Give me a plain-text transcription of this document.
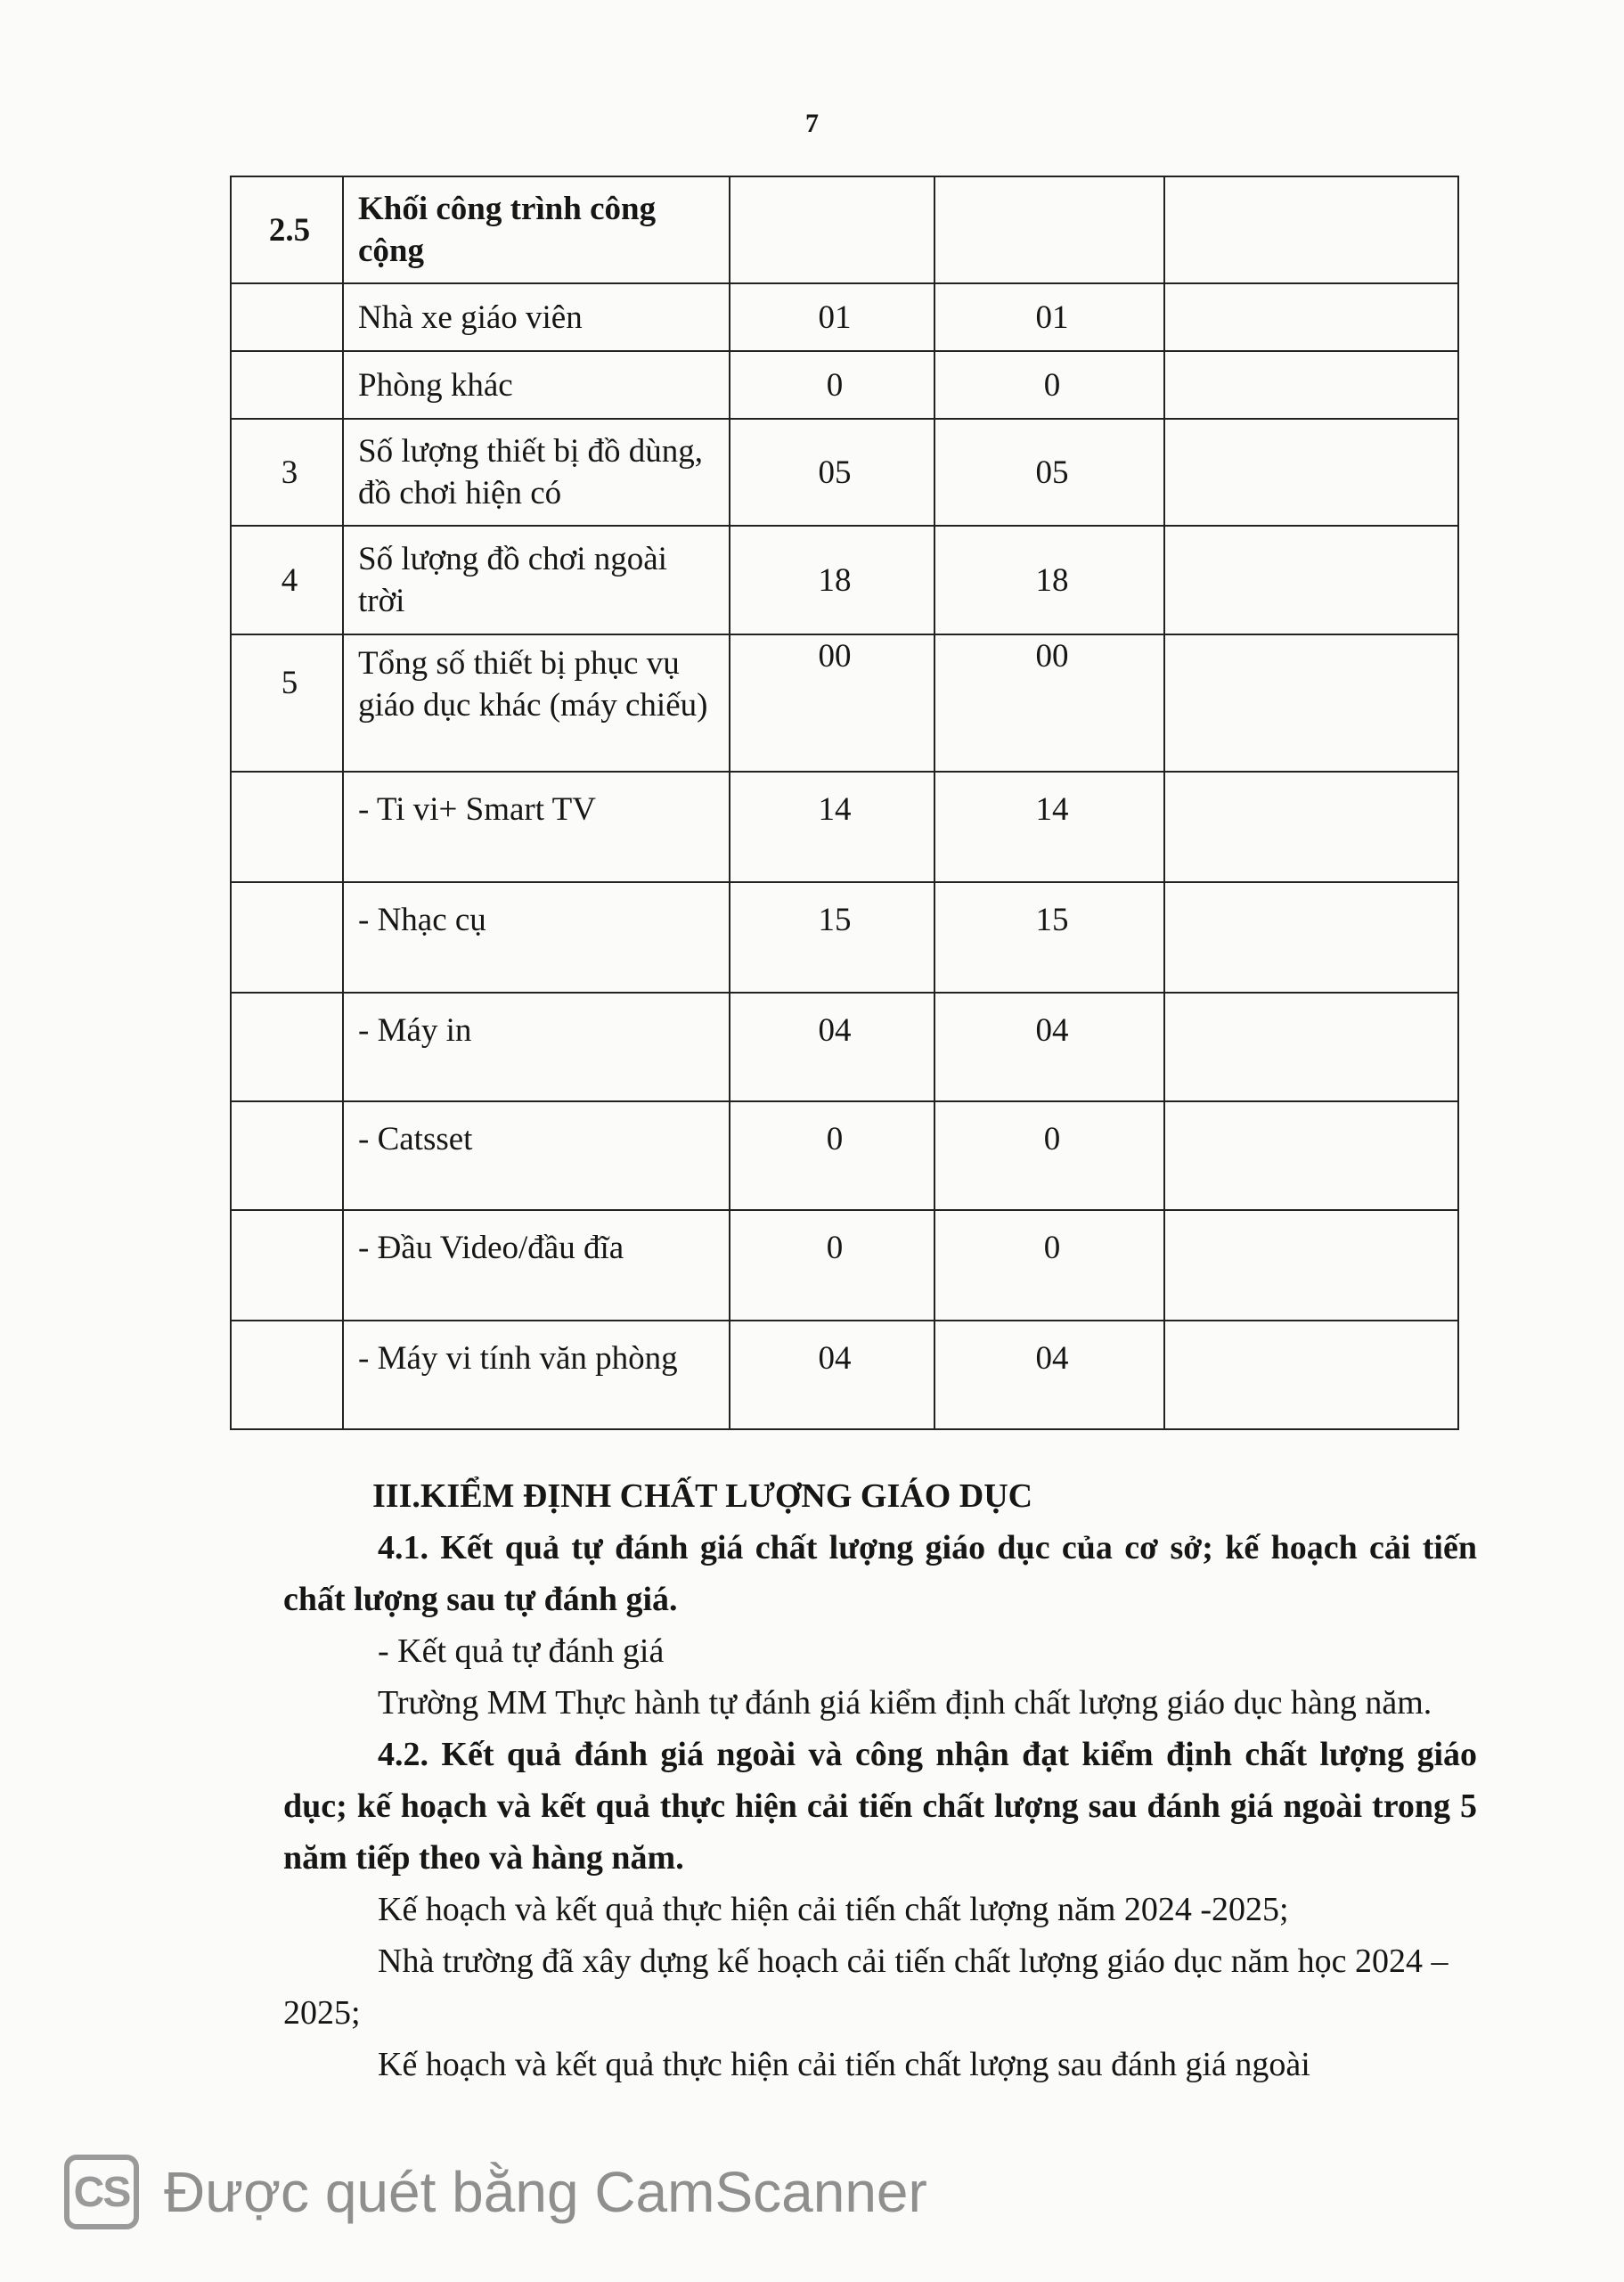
7
2.5	Khối công trình công cộng			
	Nhà xe giáo viên	01	01	
	Phòng khác	0	0	
3	Số lượng thiết bị đồ dùng, đồ chơi hiện có	05	05	
4	Số lượng đồ chơi ngoài trời	18	18	
5	Tổng số thiết bị phục vụ giáo dục khác (máy chiếu)	00	00	
	- Ti vi+ Smart TV	14	14	
	- Nhạc cụ	15	15	
	- Máy in	04	04	
	- Catsset	0	0	
	- Đầu Video/đầu đĩa	0	0	
	- Máy vi tính văn phòng	04	04	

III.KIỂM ĐỊNH CHẤT LƯỢNG GIÁO DỤC

4.1. Kết quả tự đánh giá chất lượng giáo dục của cơ sở; kế hoạch cải tiến chất lượng sau tự đánh giá.

- Kết quả tự đánh giá

Trường MM Thực hành tự đánh giá kiểm định chất lượng giáo dục hàng năm.

4.2. Kết quả đánh giá ngoài và công nhận đạt kiểm định chất lượng giáo dục; kế hoạch và kết quả thực hiện cải tiến chất lượng sau đánh giá ngoài trong 5 năm tiếp theo và hàng năm.

Kế hoạch và kết quả thực hiện cải tiến chất lượng năm 2024 -2025;

Nhà trường đã xây dựng kế hoạch cải tiến chất lượng giáo dục năm học 2024 – 2025;

Kế hoạch và kết quả thực hiện cải tiến chất lượng sau đánh giá ngoài

CS Được quét bằng CamScanner
